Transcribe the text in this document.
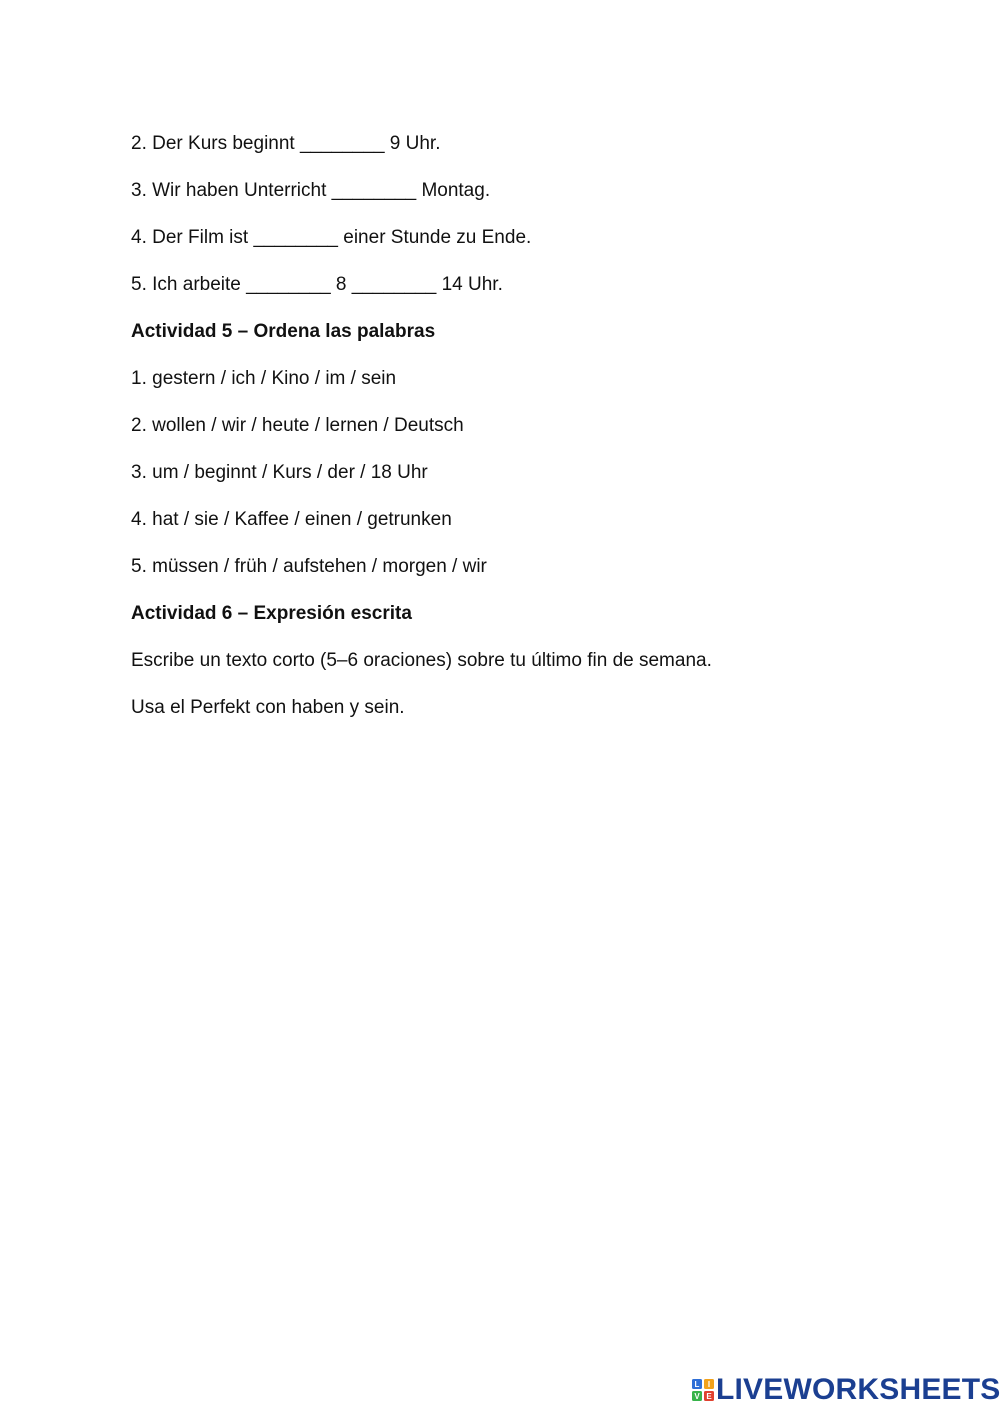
2. Der Kurs beginnt ________ 9 Uhr.
3. Wir haben Unterricht ________ Montag.
4. Der Film ist ________ einer Stunde zu Ende.
5. Ich arbeite ________ 8 ________ 14 Uhr.
Actividad 5 – Ordena las palabras
1. gestern / ich / Kino / im / sein
2. wollen / wir / heute / lernen / Deutsch
3. um / beginnt / Kurs / der / 18 Uhr
4. hat / sie / Kaffee / einen / getrunken
5. müssen / früh / aufstehen / morgen / wir
Actividad 6 – Expresión escrita
Escribe un texto corto (5–6 oraciones) sobre tu último fin de semana.
Usa el Perfekt con haben y sein.
L I
V E LIVEWORKSHEETS
